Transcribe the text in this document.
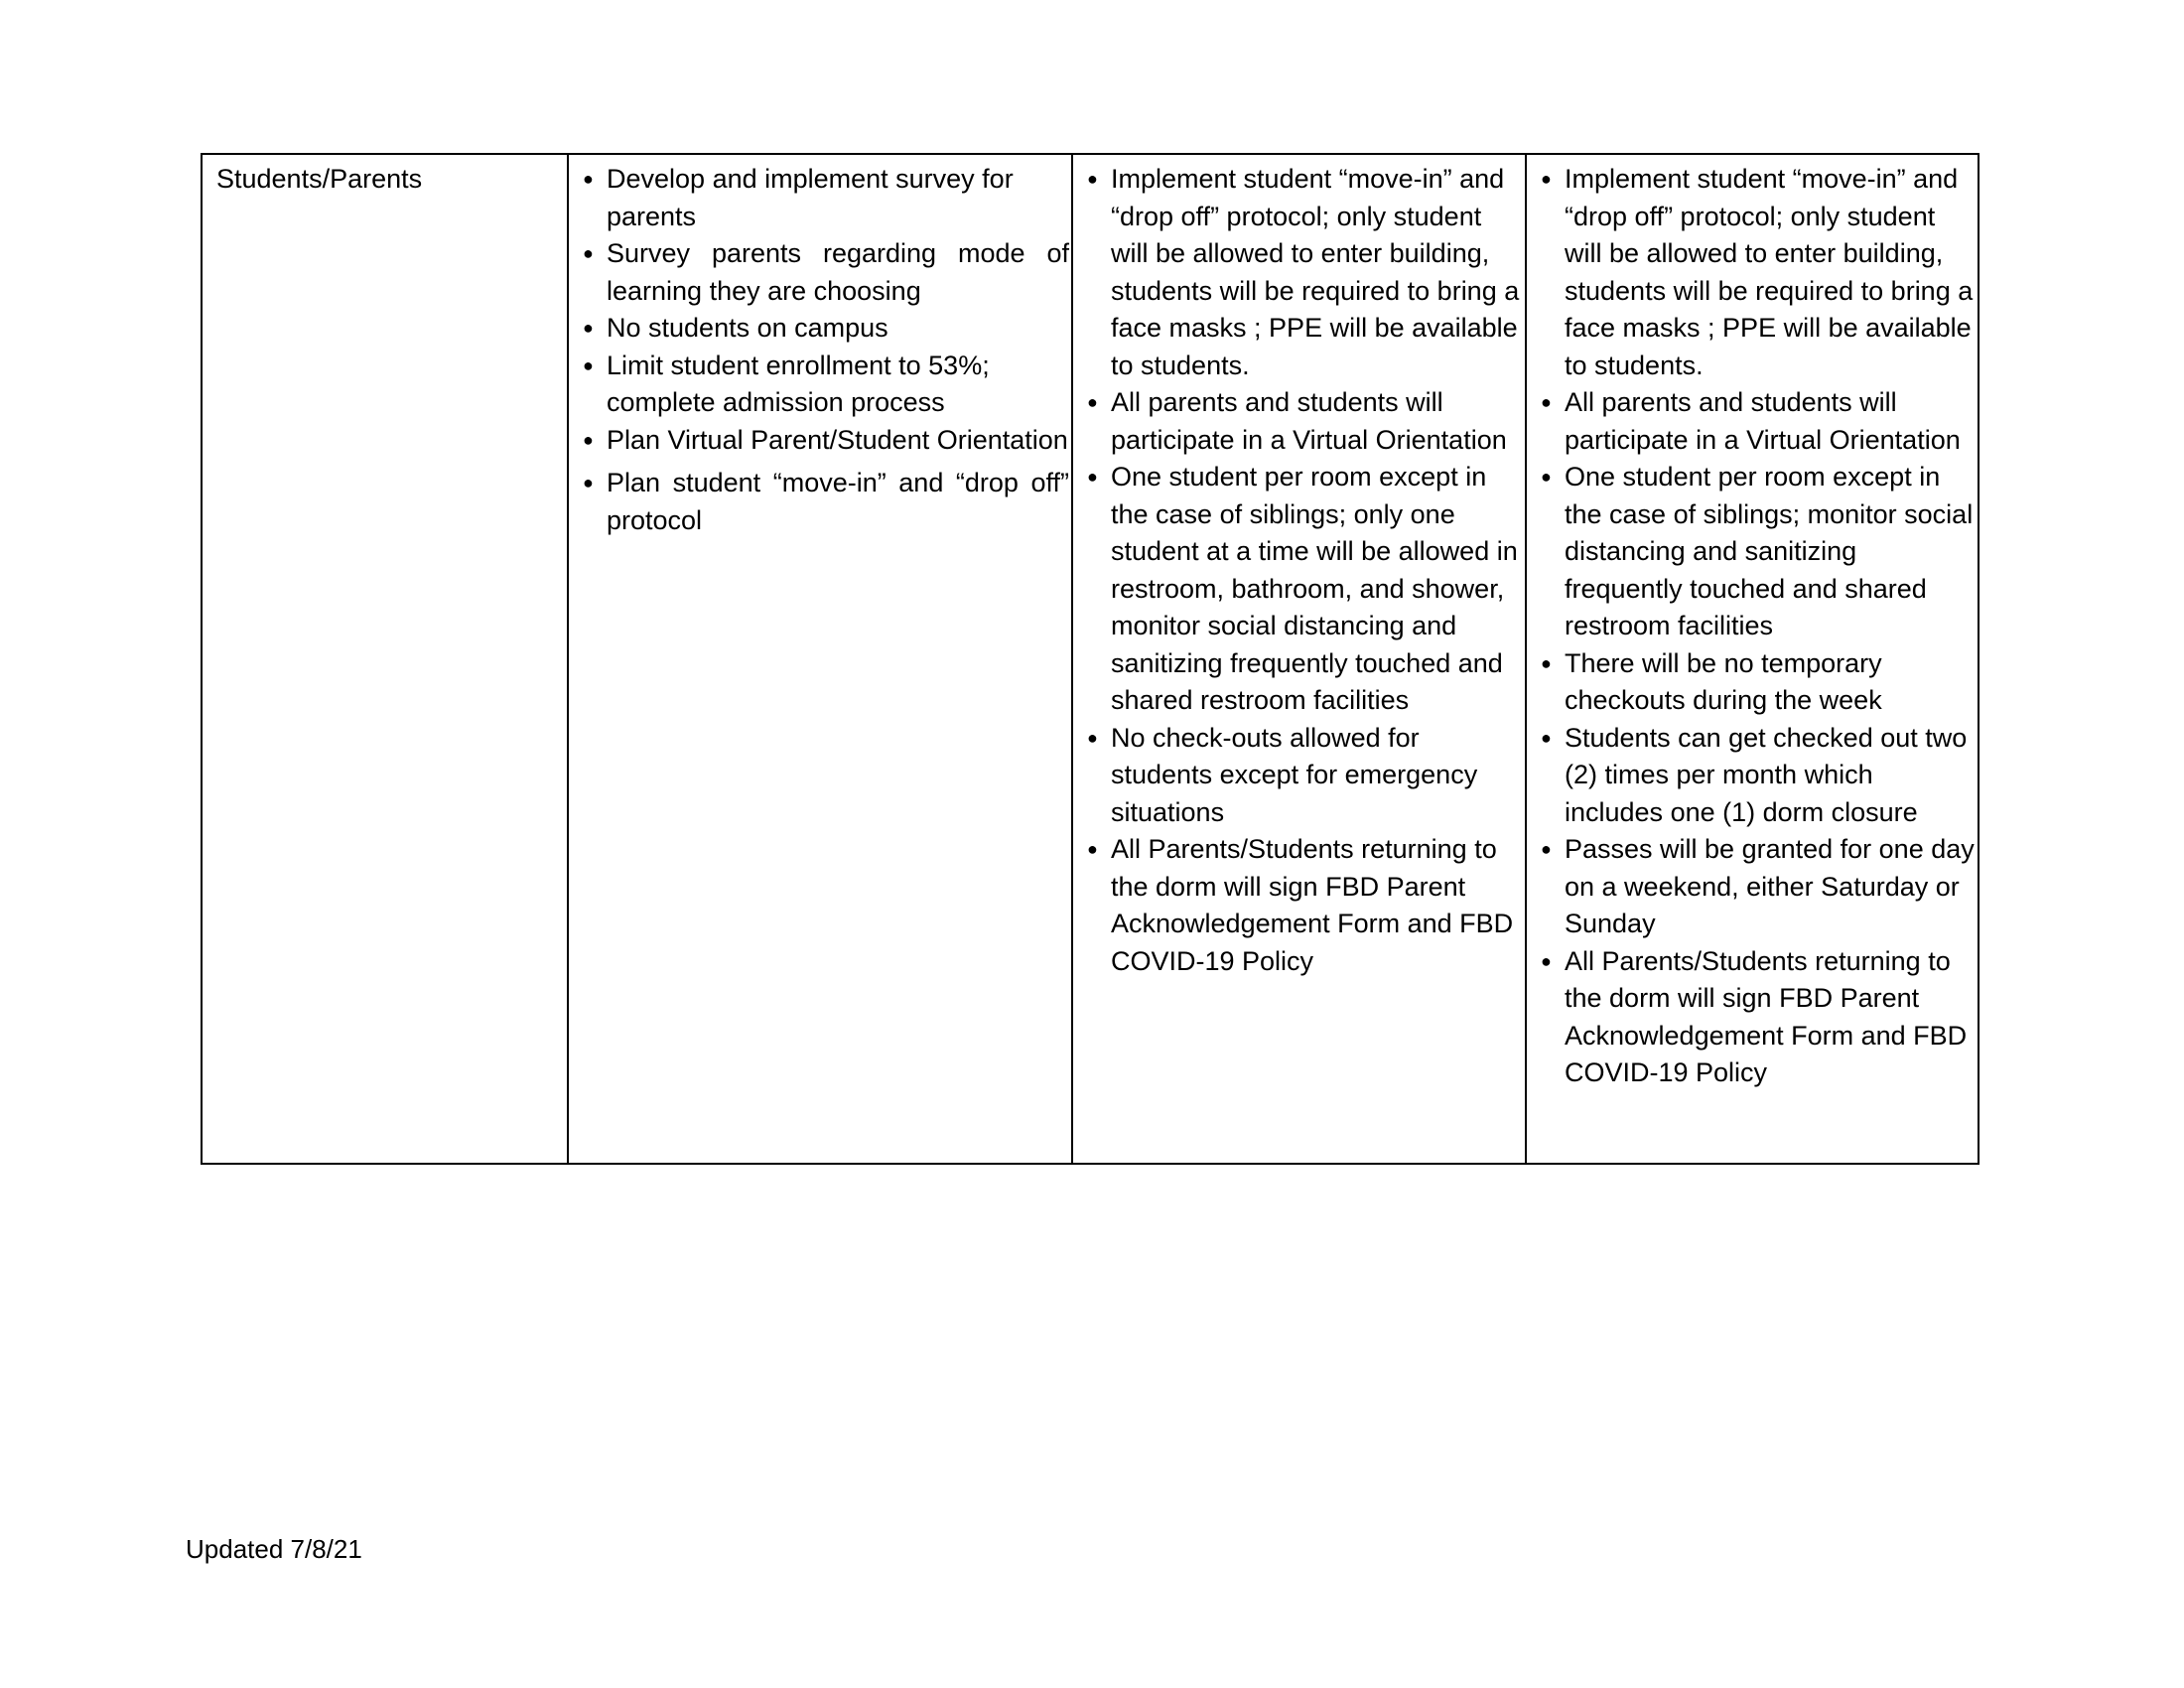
Students/Parents	
●Develop and implement survey for parents
● Survey parents regarding mode of learning they are choosing
● No students on campus
● Limit student enrollment to 53%; complete admission process
● Plan Virtual Parent/Student Orientation
● Plan student “move-in” and “drop off” protocol

● Implement student “move-in” and “drop off” protocol; only student will be allowed to enter building, students will be required to bring a face masks ; PPE will be available to students.
● All parents and students will participate in a Virtual Orientation
● One student per room except in the case of siblings; only one student at a time will be allowed in restroom, bathroom, and shower, monitor social distancing and sanitizing frequently touched and shared restroom facilities
● No check-outs allowed for students except for emergency situations
● All Parents/Students returning to the dorm will sign FBD Parent Acknowledgement Form and FBD COVID-19 Policy

● Implement student “move-in” and “drop off” protocol; only student will be allowed to enter building, students will be required to bring a face masks ; PPE will be available to students.
● All parents and students will participate in a Virtual Orientation
● One student per room except in the case of siblings; monitor social distancing and sanitizing frequently touched and shared restroom facilities
● There will be no temporary checkouts during the week
● Students can get checked out two (2) times per month which includes one (1) dorm closure
● Passes will be granted for one day on a weekend, either Saturday or Sunday
● All Parents/Students returning to the dorm will sign FBD Parent Acknowledgement Form and FBD COVID-19 Policy
Updated 7/8/21
